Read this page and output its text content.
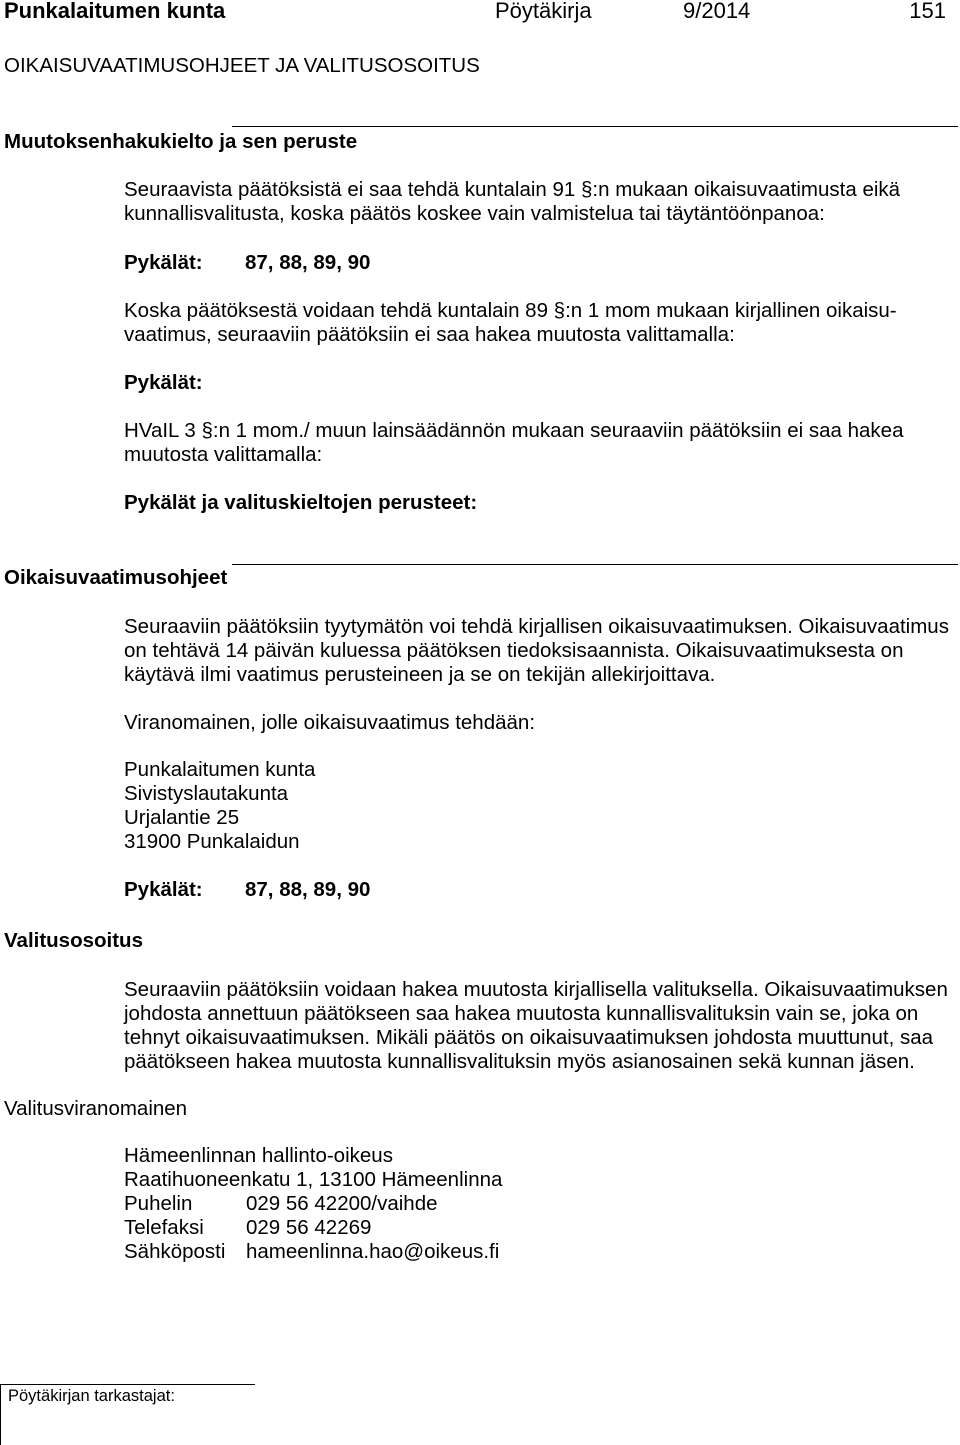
Punkalaitumen kunta	Pöytäkirja	9/2014	151
OIKAISUVAATIMUSOHJEET JA VALITUSOSOITUS
Muutoksenhakukielto ja sen peruste
Seuraavista päätöksistä ei saa tehdä kuntalain 91 §:n mukaan oikaisuvaatimusta eikä
kunnallisvalitusta, koska päätös koskee vain valmistelua tai täytäntöönpanoa:
Pykälät: 87, 88, 89, 90
Koska päätöksestä voidaan tehdä kuntalain 89 §:n 1 mom mukaan kirjallinen oikaisu-
vaatimus, seuraaviin päätöksiin ei saa hakea muutosta valittamalla:
Pykälät:
HVaIL 3 §:n 1 mom./ muun lainsäädännön mukaan seuraaviin päätöksiin ei saa hakea
muutosta valittamalla:
Pykälät ja valituskieltojen perusteet:
Oikaisuvaatimusohjeet
Seuraaviin päätöksiin tyytymätön voi tehdä kirjallisen oikaisuvaatimuksen. Oikaisuvaatimus
on tehtävä 14 päivän kuluessa päätöksen tiedoksisaannista. Oikaisuvaatimuksesta on
käytävä ilmi vaatimus perusteineen ja se on tekijän allekirjoittava.
Viranomainen, jolle oikaisuvaatimus tehdään:
Punkalaitumen kunta
Sivistyslautakunta
Urjalantie 25
31900 Punkalaidun
Pykälät: 87, 88, 89, 90
Valitusosoitus
Seuraaviin päätöksiin voidaan hakea muutosta kirjallisella valituksella. Oikaisuvaatimuksen
johdosta annettuun päätökseen saa hakea muutosta kunnallisvalituksin vain se, joka on
tehnyt oikaisuvaatimuksen. Mikäli päätös on oikaisuvaatimuksen johdosta muuttunut, saa
päätökseen hakea muutosta kunnallisvalituksin myös asianosainen sekä kunnan jäsen.
Valitusviranomainen
Hämeenlinnan hallinto-oikeus
Raatihuoneenkatu 1, 13100 Hämeenlinna
Puhelin	029 56 42200/vaihde
Telefaksi 029 56 42269
Sähköposti hameenlinna.hao@oikeus.fi
Pöytäkirjan tarkastajat:
